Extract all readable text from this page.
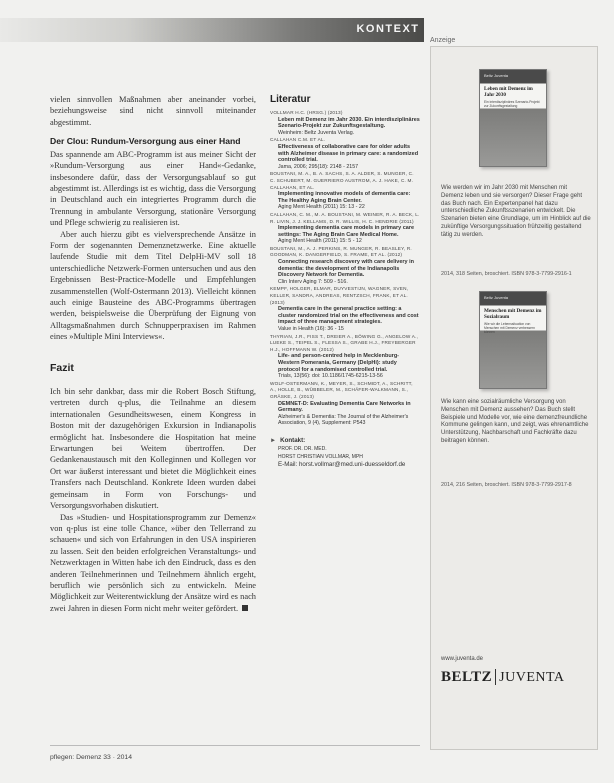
KONTEXT
Anzeige

vielen sinnvollen Maßnahmen aber aneinander vorbei, beziehungsweise sind nicht sinnvoll miteinander abgestimmt.

Der Clou: Rundum-Versorgung aus einer Hand

Das spannende am ABC-Programm ist aus meiner Sicht der »Rundum-Versorgung aus einer Hand«-Gedanke, insbesondere dafür, dass der Versorgungsablauf so gut abgestimmt ist. Allerdings ist es wichtig, dass die Versorgung in Deutschland auch ein integriertes Programm durch die Trennung in ambulante Versorgung, stationäre Versorgung und Pflege schwierig zu realisieren ist.

Aber auch hierzu gibt es vielversprechende Ansätze in Form der sogenannten Demenznetzwerke. Eine aktuelle laufende Studie mit dem Titel DelpHi-MV soll 18 unterschiedliche Netzwerk-Formen untersuchen und aus den Ergebnissen Best-Practice-Modelle und Empfehlungen zusammenstellen (Wolf-Ostermann 2013). Vielleicht können auch einige Bausteine des ABC-Programms übertragen werden, beispielsweise die Überprüfung der Eignung von Alltagsmaßnahmen durch Schnupperpraxisen im Rahmen eines »Multiple Mini Interviews«.

Fazit

Ich bin sehr dankbar, dass mir die Robert Bosch Stiftung, vertreten durch q-plus, die Teilnahme an diesem internationalen Gesundheitswesen, einem Kongress in Boston mit der dazugehörigen Exkursion in Indianapolis ermöglicht hat. Insbesondere die Hospitation hat meine Erwartungen bei Weitem übertroffen. Der Gedankenaustausch mit den Kolleginnen und Kollegen vor Ort war äußerst interessant und bietet die Möglichkeit eines Transfers nach Deutschland. Konkrete Ideen wurden dabei gemeinsam in Form von Forschungs- und Versorgungsvorhaben diskutiert.

Das »Studien- und Hospitationsprogramm zur Demenz« von q-plus ist eine tolle Chance, »über den Tellerrand zu schauen« und sich von Erfahrungen in den USA inspirieren zu lassen. Seit den beiden erfolgreichen Veranstaltungs- und Netzwerktagen in Witten habe ich den Eindruck, dass es den anderen Teilnehmerinnen und Teilnehmern ähnlich ergeht, beruflich wie persönlich sich zu entwickeln. Meine Möglichkeit zur Weiterentwicklung der Ansätze wird es nach zwei Jahren in diesen Form nicht mehr weiter gefördert.

Literatur
VOLLMAR H.C. (HRSG.) (2013)
Leben mit Demenz im Jahr 2030. Ein interdisziplinäres Szenario-Projekt zur Zukunftsgestaltung.
Weinheim: Beltz Juventa Verlag.
CALLAHAN C.M. ET AL.
Effectiveness of collaborative care for older adults with Alzheimer disease in primary care: a randomized controlled trial.
Jama, 2006; 295(18): 2148 - 2157
BOUSTANI, M. A., B. A. SACHS, S. A. ALDER, S. MUNGER, C. C. SCHUBERT, M. GUERRIERO AUSTROM, A. J. HAKE, C. M. CALLAHAN, ET AL.
Implementing innovative models of dementia care: The Healthy Aging Brain Center.
Aging Ment Health (2011) 15: 13 - 22
CALLAHAN, C. M., M. A. BOUSTANI, M. WEINER, R. A. BECK, L. R. LIVIN, J. J. KELLAMS, D. R. WILLIS, H. C. HENDRIE (2011)
Implementing dementia care models in primary care settings: The Aging Brain Care Medical Home.
Aging Ment Health (2011) 15: 5 - 12
BOUSTANI, M., A. J. PERKINS, R. MUNGER, R. BEASLEY, R. GOODMAN, K. DANGERFIELD, S. FRAME, ET AL. (2012)
Connecting research discovery with care delivery in dementia: the development of the Indianapolis Discovery Network for Dementia.
Clin Interv Aging 7: 509 - 516.
KEMPF, HOLGER, ELMAR, DUYVESTIJN, WAGNER, SVEN, KELLER, SANDRA, ANDREAS, RENTZSCH, FRANK, ET AL. (2013)
Dementia care in the general practice setting: a cluster randomized trial on the effectiveness and cost impact of three management strategies.
Value in Health (16): 36 - 15
THYRIAN, J.R., FISS T., DREIER A., BÖWING G., ANGELOW A., LUEKE S., TEIPEL S., FLESSA S., GRABE H.J., FREYBERGER H.J., HOFFMANN W. (2012)
Life- and person-centred help in Mecklenburg-Western Pomerania, Germany (DelpHi): study protocol for a randomised controlled trial.
Trials, 13(56): doi: 10.1186/1745-6215-13-56
WOLF-OSTERMANN, K., MEYER, S., SCHMIDT, A., SCHRITT, A., HOLLE, B., WÜBBELER, M., SCHÄFER-WALKMANN, S., GRÄSKE, J. (2013)
DEMNET-D: Evaluating Dementia Care Networks in Germany.
Alzheimer's & Dementia: The Journal of the Alzheimer's Association, 9 (4), Supplement: P543
► Kontakt:
PROF. DR. DR. MED.
HORST CHRISTIAN VOLLMAR, MPH
E-Mail: horst.vollmar@med.uni-duesseldorf.de
pflegen: Demenz 33 · 2014
Beltz Juventa
Leben mit Demenz im Jahr 2030
Ein interdisziplinäres Szenario-Projekt zur Zukunftsgestaltung
Wie werden wir im Jahr 2030 mit Menschen mit Demenz leben und sie versorgen? Dieser Frage geht das Buch nach. Ein Expertenpanel hat dazu unterschiedliche Zukunftsszenarien entwickelt. Die Szenarien bieten eine Grundlage, um im Hinblick auf die zukünftige Versorgungssituation frühzeitig gestaltend tätig zu werden.
2014, 318 Seiten, broschiert. ISBN 978-3-7799-2916-1
Beltz Juventa
Menschen mit Demenz im Sozialraum
Wie wir die Lebenssituation von Menschen mit Demenz verbessern können
Wie kann eine sozialräumliche Versorgung von Menschen mit Demenz aussehen? Das Buch stellt Beispiele und Modelle vor, wie eine demenzfreundliche Kommune gelingen kann, und zeigt, was ehrenamtliche Unterstützung, Nachbarschaft und Fachkräfte dazu beitragen können.
2014, 216 Seiten, broschiert. ISBN 978-3-7799-2917-8
www.juventa.de
BELTZ JUVENTA
